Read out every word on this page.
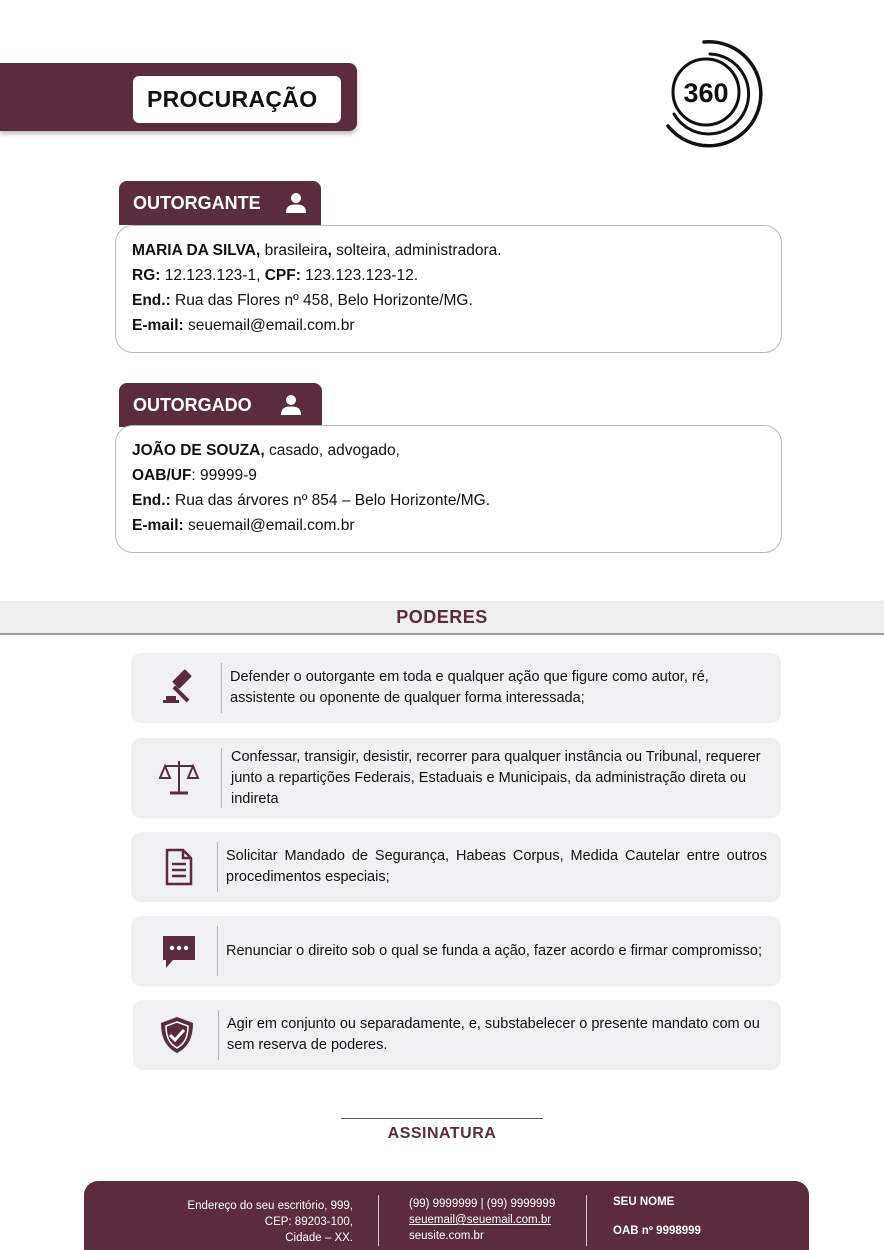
PROCURAÇÃO	360
OUTORGANTE
MARIA DA SILVA, brasileira, solteira, administradora.
RG: 12.123.123-1, CPF: 123.123.123-12.
End.: Rua das Flores nº 458, Belo Horizonte/MG.
E-mail: seuemail@email.com.br
OUTORGADO
JOÃO DE SOUZA, casado, advogado,
OAB/UF: 99999-9
End.: Rua das árvores nº 854 – Belo Horizonte/MG.
E-mail: seuemail@email.com.br
PODERES
Defender o outorgante em toda e qualquer ação que figure como autor, ré, assistente ou oponente de qualquer forma interessada;
Confessar, transigir, desistir, recorrer para qualquer instância ou Tribunal, requerer junto a repartições Federais, Estaduais e Municipais, da administração direta ou indireta
Solicitar Mandado de Segurança, Habeas Corpus, Medida Cautelar entre outros procedimentos especiais;
Renunciar o direito sob o qual se funda a ação, fazer acordo e firmar compromisso;
Agir em conjunto ou separadamente, e, substabelecer o presente mandato com ou sem reserva de poderes.
ASSINATURA
Endereço do seu escritório, 999,
CEP: 89203-100,
Cidade – XX.
(99) 9999999 | (99) 9999999
seuemail@seuemail.com.br
seusite.com.br
SEU NOME
OAB nº 9998999
